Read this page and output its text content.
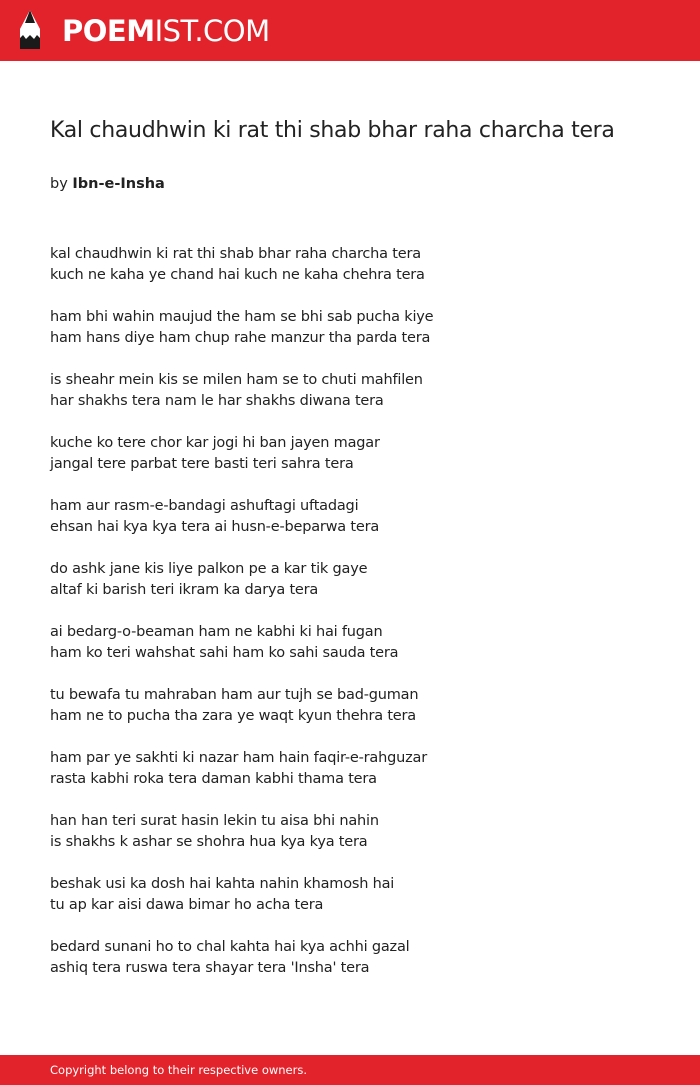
POEMIST.COM
Kal chaudhwin ki rat thi shab bhar raha charcha tera
by Ibn-e-Insha
kal chaudhwin ki rat thi shab bhar raha charcha tera
kuch ne kaha ye chand hai kuch ne kaha chehra tera
ham bhi wahin maujud the ham se bhi sab pucha kiye
ham hans diye ham chup rahe manzur tha parda tera
is sheahr mein kis se milen ham se to chuti mahfilen
har shakhs tera nam le har shakhs diwana tera
kuche ko tere chor kar jogi hi ban jayen magar
jangal tere parbat tere basti teri sahra tera
ham aur rasm-e-bandagi ashuftagi uftadagi
ehsan hai kya kya tera ai husn-e-beparwa tera
do ashk jane kis liye palkon pe a kar tik gaye
altaf ki barish teri ikram ka darya tera
ai bedarg-o-beaman ham ne kabhi ki hai fugan
ham ko teri wahshat sahi ham ko sahi sauda tera
tu bewafa tu mahraban ham aur tujh se bad-guman
ham ne to pucha tha zara ye waqt kyun thehra tera
ham par ye sakhti ki nazar ham hain faqir-e-rahguzar
rasta kabhi roka tera daman kabhi thama tera
han han teri surat hasin lekin tu aisa bhi nahin
is shakhs k ashar se shohra hua kya kya tera
beshak usi ka dosh hai kahta nahin khamosh hai
tu ap kar aisi dawa bimar ho acha tera
bedard sunani ho to chal kahta hai kya achhi gazal
ashiq tera ruswa tera shayar tera 'Insha' tera
Copyright belong to their respective owners.
